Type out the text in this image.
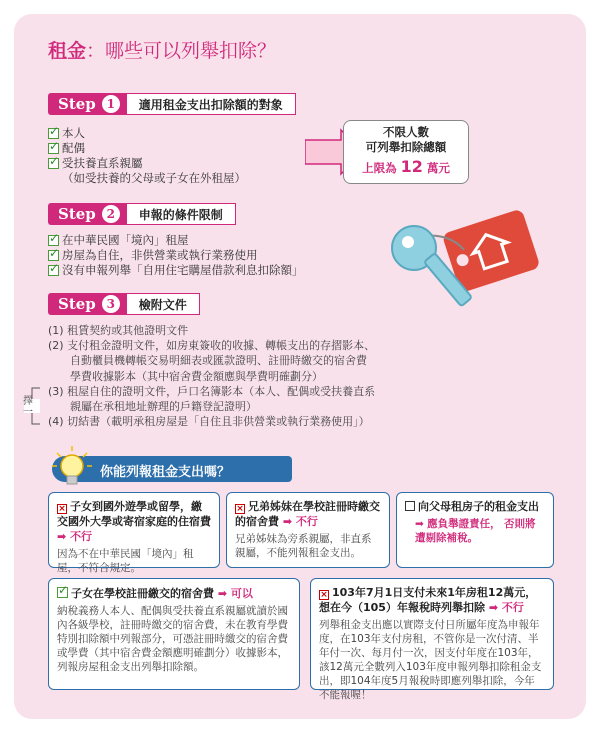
租金：哪些可以列舉扣除？
Step 1	適用租金支出扣除額的對象
✓
本人
✓
配偶
✓
受扶養直系親屬
（如受扶養的父母或子女在外租屋）
不限人數
可列舉扣除總額
上限為 12 萬元
Step 2	申報的條件限制
✓
在中華民國「境內」租屋
✓
房屋為自住，非供營業或執行業務使用
✓
沒有申報列舉「自用住宅購屋借款利息扣除額」
Step 3	檢附文件
(1) 租賃契約或其他證明文件
(2) 支付租金證明文件，如房東簽收的收據、轉帳支出的存摺影本、
　　自動櫃員機轉帳交易明細表或匯款證明、註冊時繳交的宿舍費
　　學費收據影本（其中宿舍費金額應與學費明確劃分）
(3) 租屋自住的證明文件，戶口名簿影本（本人、配偶或受扶養直系
　　親屬在承租地址辦理的戶籍登記證明）
(4) 切結書（載明承租房屋是「自住且非供營業或執行業務使用」）
擇一
你能列報租金支出嗎？
× 子女到國外遊學或留學，繳交國外大學或寄宿家庭的住宿費 ➡ 不行
因為不在中華民國「境內」租屋，不符合規定。
× 兄弟姊妹在學校註冊時繳交的宿舍費 ➡ 不行
兄弟姊妹為旁系親屬，非直系親屬，不能列報租金支出。
向父母租房子的租金支出
➡ 應負舉證責任， 否則將遭剔除補稅。
✓子女在學校註冊繳交的宿舍費 ➡ 可以
納稅義務人本人、配偶與受扶養直系親屬就讀於國內各級學校，註冊時繳交的宿舍費，未在教育學費特別扣除額中列報部分，可憑註冊時繳交的宿舍費或學費（其中宿舍費金額應明確劃分）收據影本，列報房屋租金支出列舉扣除額。
× 103年7月1日支付未來1年房租12萬元，想在今（105）年報稅時列舉扣除 ➡ 不行
列舉租金支出應以實際支付日所屬年度為申報年度，在103年支付房租，不管你是一次付清、半年付一次、每月付一次，因支付年度在103年，該12萬元全數列入103年度申報列舉扣除租金支出，即104年度5月報稅時即應列舉扣除，今年不能報喔！
